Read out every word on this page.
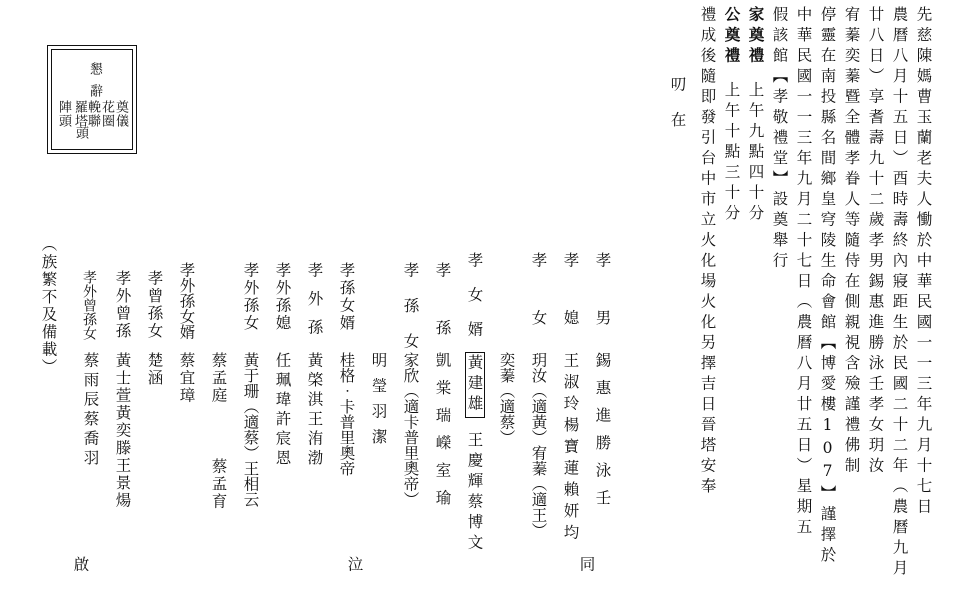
懇
辭
奠儀
花圈
輓聯
羅塔
頭
陣頭	先慈陳媽曹玉蘭老夫人慟於中華民國一一三年九月十七日
農曆八月十五日）酉時壽終內寢距生於民國二十二年（農曆九月
廿八日）享耆壽九十二歲孝男錫惠進勝泳壬孝女玥汝
宥蓁奕蓁暨全體孝眷人等隨侍在側親視含殮謹禮佛制
停靈在南投縣名間鄉皇穹陵生命會館【博愛樓107】謹擇於
中華民國一一三年九月二十七日（農曆八月廿五日）星期五
假該館【孝敬禮堂】設奠舉行
家奠禮上午九點四十分
公奠禮上午十點三十分
禮成後隨即發引台中市立火化場火化另擇吉日晉塔安奉
叨在
孝男
錫惠進勝泳壬
孝媳
王淑玲楊寶蓮賴妍均
孝女
玥汝（適黃）宥蓁（適王）
奕蓁（適蔡）
孝女婿
黃建雄王慶輝蔡博文
孝孫
凱棠瑞嶸室瑜
孝孫女
家欣（適卡普里奧帝）
明瑩羽潔
孝孫女婿
桂格‧卡普里奧帝
孝外孫
黃棨淇王洧渤
孝外孫媳
任珮瑋許宸恩
孝外孫女
黃于珊（適蔡）王相云
蔡孟庭
蔡孟育
孝外孫女婿
蔡宜璋
孝曾孫女
楚涵
孝外曾孫
黃士萱黃奕滕王景煬
孝外曾孫女
蔡雨辰蔡喬羽
（族繁不及備載）
同
泣
啟
